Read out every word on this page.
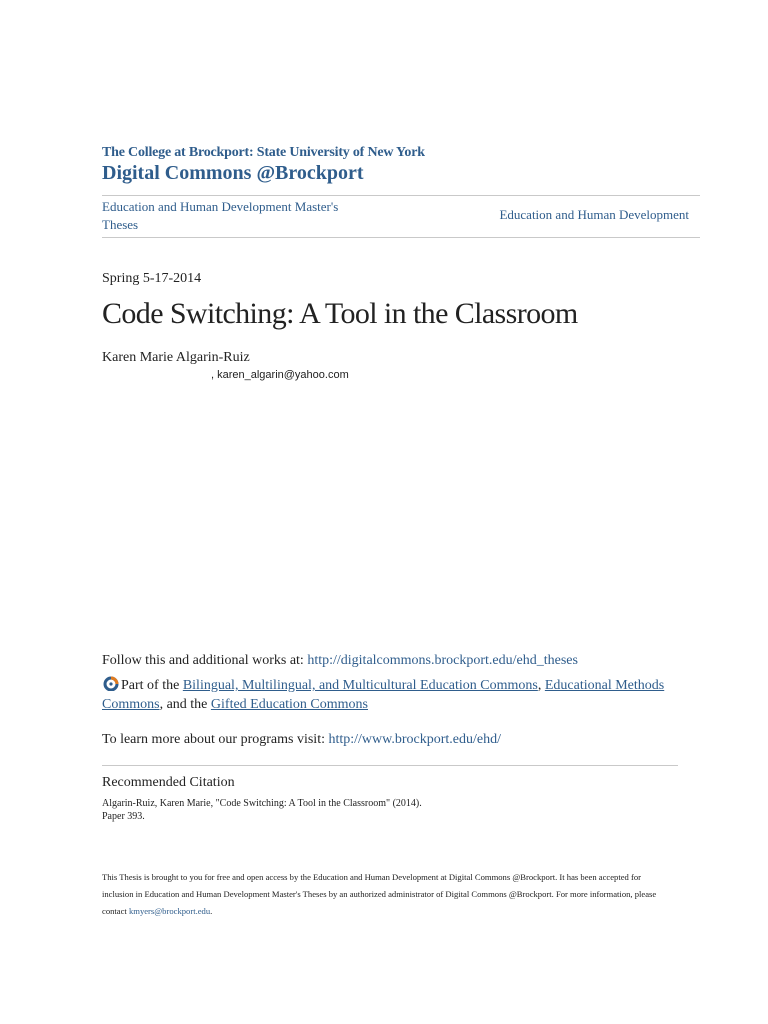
The College at Brockport: State University of New York
Digital Commons @Brockport
Education and Human Development Master's
Theses
Education and Human Development
Spring 5-17-2014
Code Switching: A Tool in the Classroom
Karen Marie Algarin-Ruiz
, karen_algarin@yahoo.com
Follow this and additional works at: http://digitalcommons.brockport.edu/ehd_theses
Part of the Bilingual, Multilingual, and Multicultural Education Commons, Educational Methods Commons, and the Gifted Education Commons
To learn more about our programs visit: http://www.brockport.edu/ehd/
Recommended Citation
Algarin-Ruiz, Karen Marie, "Code Switching: A Tool in the Classroom" (2014).
Paper 393.
This Thesis is brought to you for free and open access by the Education and Human Development at Digital Commons @Brockport. It has been accepted for inclusion in Education and Human Development Master's Theses by an authorized administrator of Digital Commons @Brockport. For more information, please contact kmyers@brockport.edu.
